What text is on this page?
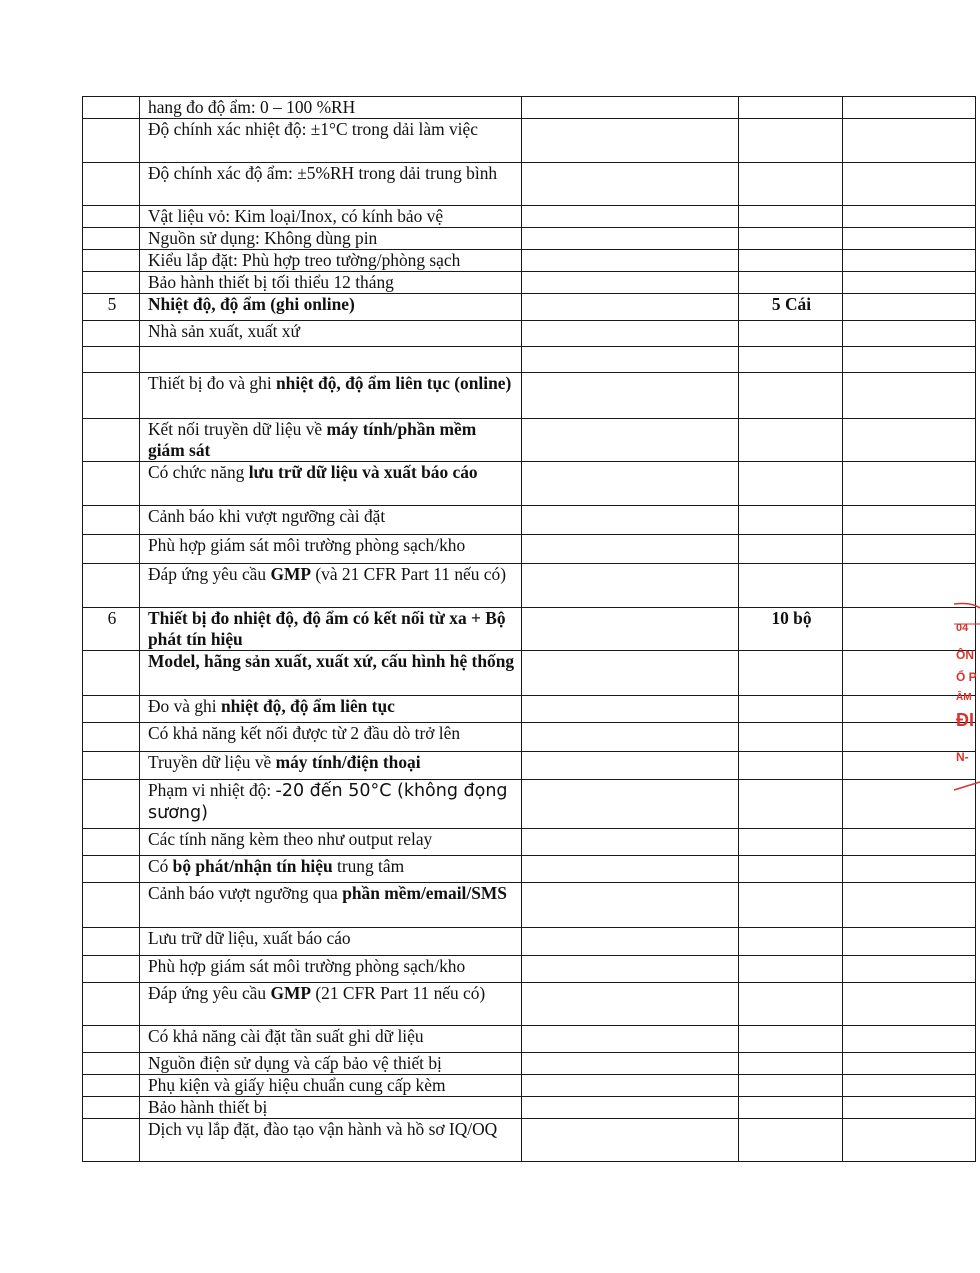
	hang đo độ ẩm: 0 – 100 %RH			
	Độ chính xác nhiệt độ: ±1°C trong dải làm việc			
	Độ chính xác độ ẩm: ±5%RH trong dải trung bình			
	Vật liệu vỏ: Kim loại/Inox, có kính bảo vệ			
	Nguồn sử dụng: Không dùng pin			
	Kiểu lắp đặt: Phù hợp treo tường/phòng sạch			
	Bảo hành thiết bị tối thiểu 12 tháng			
5	Nhiệt độ, độ ẩm (ghi online)		5 Cái	
	Nhà sản xuất, xuất xứ			

	Thiết bị đo và ghi nhiệt độ, độ ẩm liên tục (online)			
	Kết nối truyền dữ liệu về máy tính/phần mềm giám sát			
	Có chức năng lưu trữ dữ liệu và xuất báo cáo			
	Cảnh báo khi vượt ngưỡng cài đặt			
	Phù hợp giám sát môi trường phòng sạch/kho			
	Đáp ứng yêu cầu GMP (và 21 CFR Part 11 nếu có)			
6	Thiết bị đo nhiệt độ, độ ẩm có kết nối từ xa + Bộ phát tín hiệu		10 bộ	
	Model, hãng sản xuất, xuất xứ, cấu hình hệ thống			
	Đo và ghi nhiệt độ, độ ẩm liên tục			
	Có khả năng kết nối được từ 2 đầu dò trở lên			
	Truyền dữ liệu về máy tính/điện thoại			
	Phạm vi nhiệt độ: -20 đến 50°C (không đọng sương)			
	Các tính năng kèm theo như output relay			
	Có bộ phát/nhận tín hiệu trung tâm			
	Cảnh báo vượt ngưỡng qua phần mềm/email/SMS			
	Lưu trữ dữ liệu, xuất báo cáo			
	Phù hợp giám sát môi trường phòng sạch/kho			
	Đáp ứng yêu cầu GMP (21 CFR Part 11 nếu có)			
	Có khả năng cài đặt tần suất ghi dữ liệu			
	Nguồn điện sử dụng và cấp bảo vệ thiết bị			
	Phụ kiện và giấy hiệu chuẩn cung cấp kèm			
	Bảo hành thiết bị			
	Dịch vụ lắp đặt, đào tạo vận hành và hồ sơ IQ/OQ			
04
ÔN
Ổ P
ÂM
ĐI
N-
